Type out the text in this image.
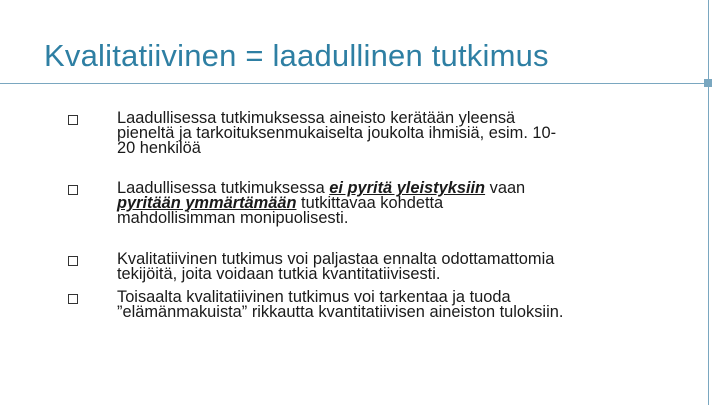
Kvalitatiivinen = laadullinen tutkimus
Laadullisessa tutkimuksessa aineisto kerätään yleensä
pieneltä ja tarkoituksenmukaiselta joukolta ihmisiä, esim. 10-
20 henkilöä
Laadullisessa tutkimuksessa ei pyritä yleistyksiin vaan
pyritään ymmärtämään tutkittavaa kohdetta
mahdollisimman monipuolisesti.
Kvalitatiivinen tutkimus voi paljastaa ennalta odottamattomia
tekijöitä, joita voidaan tutkia kvantitatiivisesti.
Toisaalta kvalitatiivinen tutkimus voi tarkentaa ja tuoda
”elämänmakuista” rikkautta kvantitatiivisen aineiston tuloksiin.
